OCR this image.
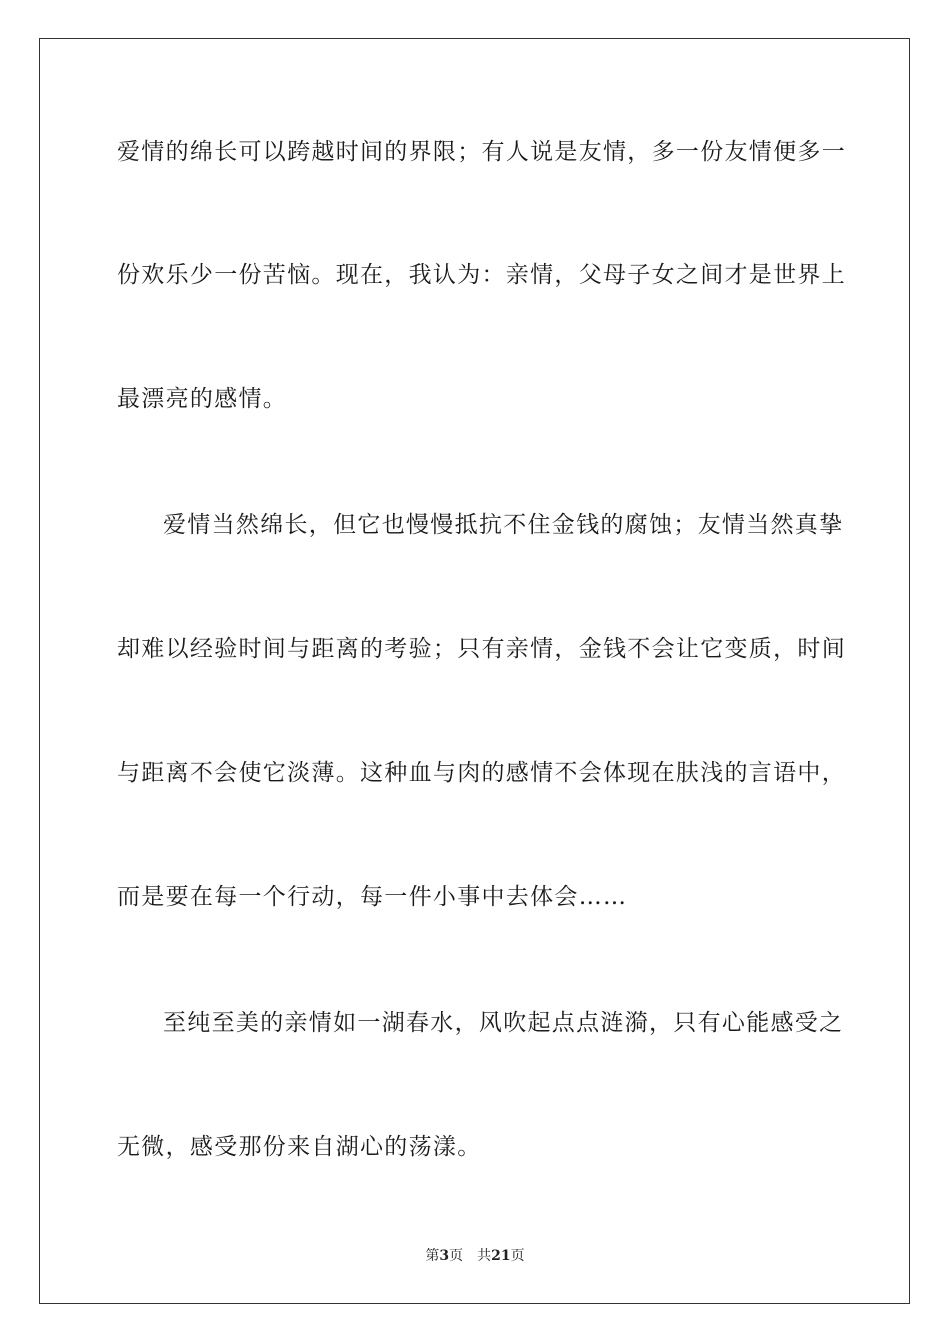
爱情的绵长可以跨越时间的界限；有人说是友情，多一份友情便多一
份欢乐少一份苦恼。现在，我认为：亲情，父母子女之间才是世界上
最漂亮的感情。
爱情当然绵长，但它也慢慢抵抗不住金钱的腐蚀；友情当然真挚
却难以经验时间与距离的考验；只有亲情，金钱不会让它变质，时间
与距离不会使它淡薄。这种血与肉的感情不会体现在肤浅的言语中，
而是要在每一个行动，每一件小事中去体会……
至纯至美的亲情如一湖春水，风吹起点点涟漪，只有心能感受之
无微，感受那份来自湖心的荡漾。
第3页 共21页
